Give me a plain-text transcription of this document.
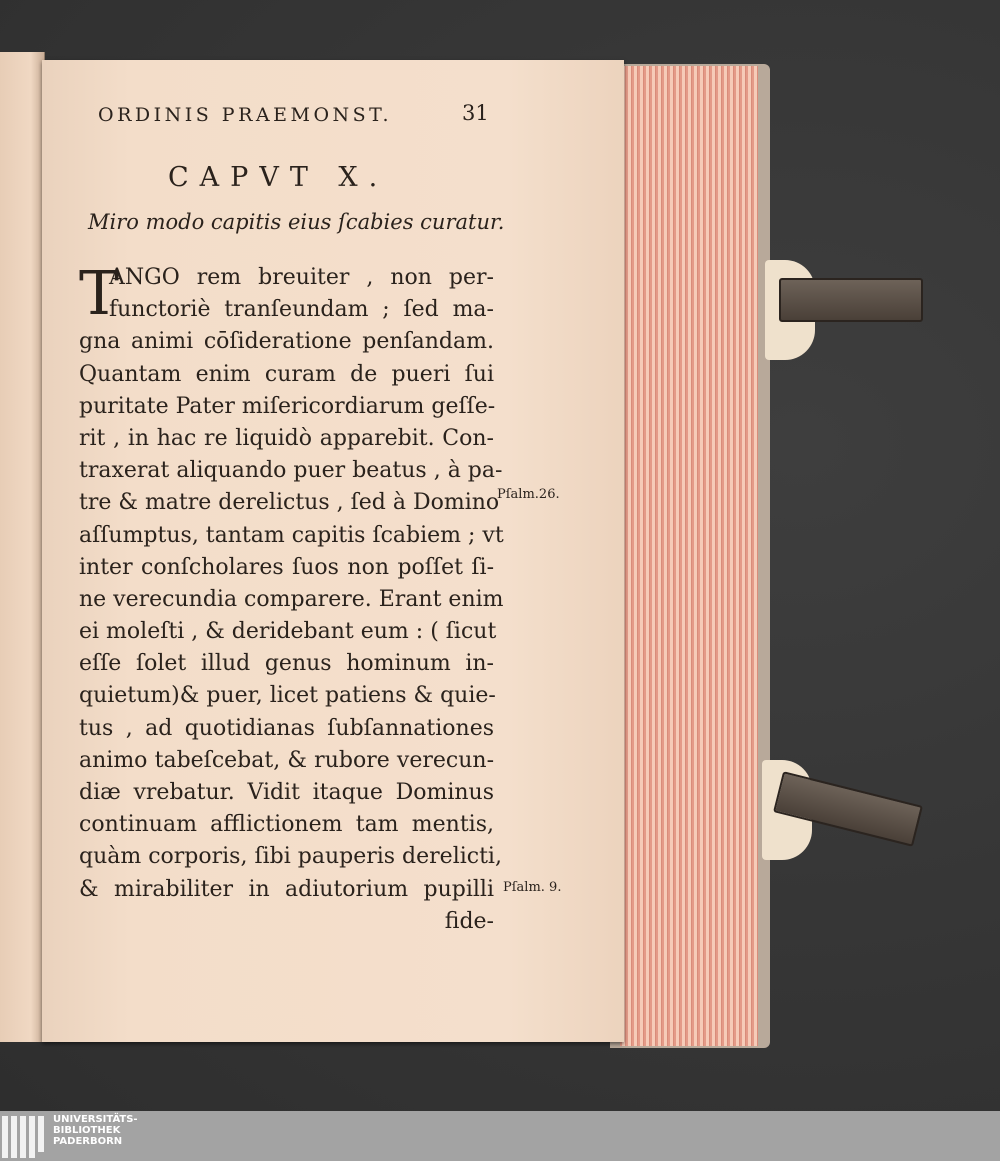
ORDINIS PRAEMONST.	31
CAPVT X.
Miro modo capitis eius ſcabies curatur.
T
ANGO rem breuiter , non per-
functoriè tranſeundam ; ſed ma-
gna animi cōſideratione penſandam.
Quantam enim curam de pueri ſui
puritate Pater miſericordiarum geſſe-
rit , in hac re liquidò apparebit. Con-
traxerat aliquando puer beatus , à pa-
tre & matre derelictus , ſed à Domino
aſſumptus, tantam capitis ſcabiem ; vt
inter conſcholares ſuos non poſſet ſi-
ne verecundia comparere. Erant enim
ei moleſti , & deridebant eum : ( ſicut
eſſe ſolet illud genus hominum in-
quietum)& puer, licet patiens & quie-
tus , ad quotidianas ſubſannationes
animo tabeſcebat, & rubore verecun-
diæ vrebatur. Vidit itaque Dominus
continuam afflictionem tam mentis,
quàm corporis, ſibi pauperis derelicti,
& mirabiliter in adiutorium pupilli
fide-
Pſalm.26.
Pſalm. 9.
UNIVERSITÄTS-
BIBLIOTHEK
PADERBORN
